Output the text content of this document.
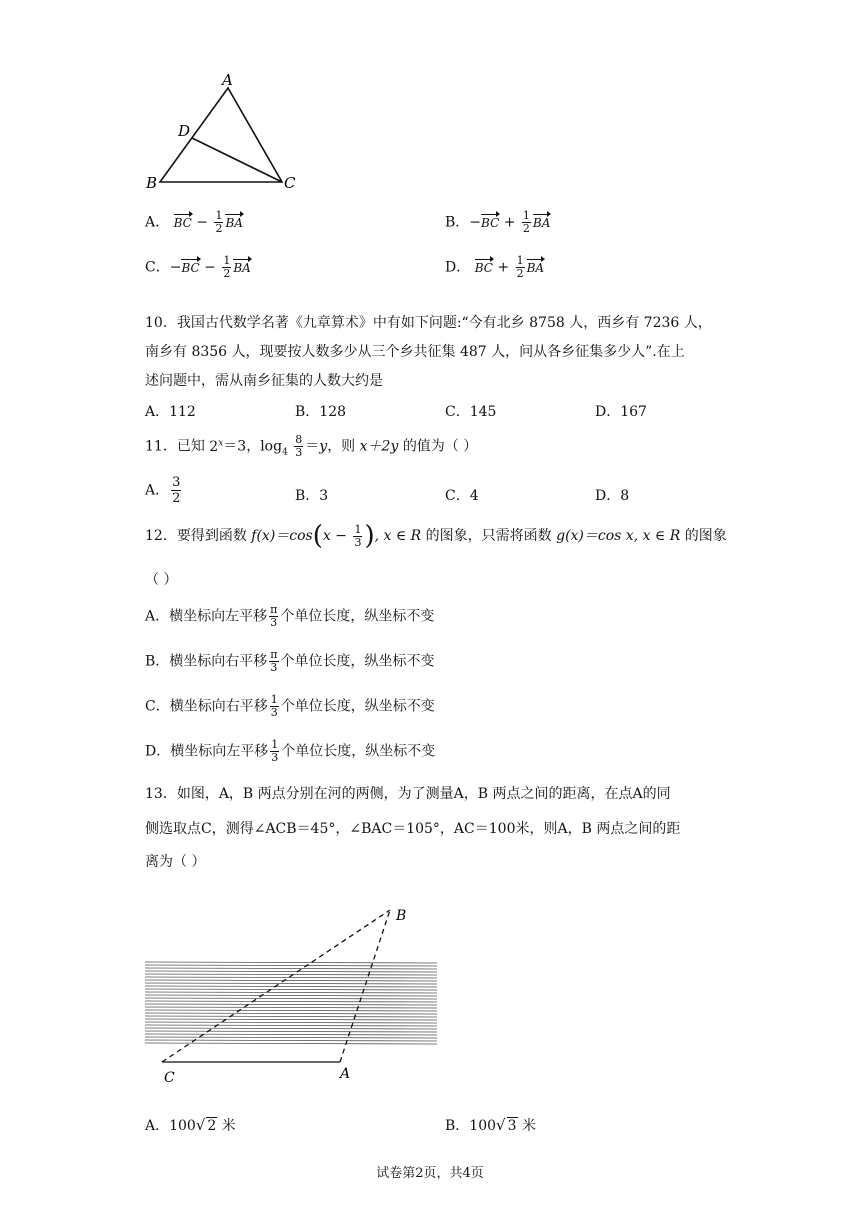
A
D
B	C
A． BC − $\frac{1}{2}$ BA	B．$-BC + \frac{1}{2}$ BA
C．$-BC - \frac{1}{2}$ BA	D． BC + $\frac{1}{2}$ BA
10．我国古代数学名著《九章算术》中有如下问题:“今有北乡 8758 人，西乡有 7236 人，
南乡有 8356 人，现要按人数多少从三个乡共征集 487 人，问从各乡征集多少人”.在上
述问题中，需从南乡征集的人数大约是
A．112	B．128	C．145	D．167
11．已知 $2^x=3$，$\log_4 \frac{8}{3} =y$，则 x＋2y 的值为（ ）
A． $\frac{3}{2}$	B．3	C．4	D．8
12．要得到函数 $f(x)=\cos(x - \frac{1}{3}$ ), x ∈ R 的图象，只需将函数 g(x)＝cos x, x ∈ R 的图象
（ ）
A．横坐标向左平移 $\frac{\pi}{3}$ 个单位长度，纵坐标不变
B．横坐标向右平移 $\frac{\pi}{3}$ 个单位长度，纵坐标不变
C．横坐标向右平移 $\frac{1}{3}$ 个单位长度，纵坐标不变
D．横坐标向左平移 $\frac{1}{3}$ 个单位长度，纵坐标不变
13．如图，A，B 两点分别在河的两侧，为了测量A，B 两点之间的距离，在点A的同
侧选取点C，测得∠ACB＝45°，∠BAC＝105°，AC＝100米，则A，B 两点之间的距
离为（ ）
B
C	A
A．100√ 2 米	B．100√ 3 米
试卷第2页，共4页
